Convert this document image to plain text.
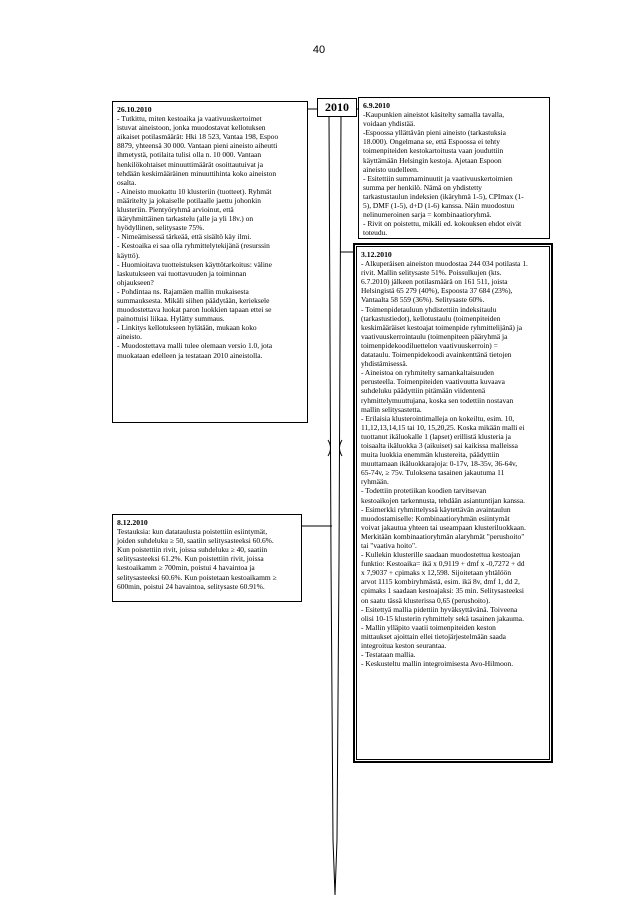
40
2010
26.10.2010
- Tutkittu, miten kestoaika ja vaativuuskertoimet
istuvat aineistoon, jonka muodostavat kellotuksen
aikaiset potilasmäärät: Hki 18 523, Vantaa 198, Espoo
8879, yhteensä 30 000. Vantaan pieni aineisto aiheutti
ihmetystä, potilaita tulisi olla n. 10 000. Vantaan
henkilökohtaiset minuuttimäärät osoittautuivat ja
tehdään keskimääräinen minuuttihinta koko aineiston
osalta.
- Aineisto muokattu 10 klusteriin (tuotteet). Ryhmät
määritelty ja jokaiselle potilaalle jaettu johonkin
klusteriin. Pientyöryhmä arvioinut, että
ikäryhmittäinen tarkastelu (alle ja yli 18v.) on
hyödyllinen, selitysaste 75%.
- Nimeämisessä tärkeää, että sisältö käy ilmi.
- Kestoaika ei saa olla ryhmittelytekijänä (resurssin
käyttö).
- Huomioitava tuotteistuksen käyttötarkoitus: väline
laskutukseen vai tuottavuuden ja toiminnan
ohjaukseen?
- Pohdintaa ns. Rajamäen mallin mukaisesta
summauksesta. Mikäli siihen päädytään, kerieksele
muodostettava luokat paron luokkien tapaan ettei se
painottuisi liikaa. Hylätty summaus.
- Linkitys kellotukseen hylätään, mukaan koko
aineisto.
- Muodostettava malli tulee olemaan versio 1.0, jota
muokataan edelleen ja testataan 2010 aineistolla.
8.12.2010
Testauksia: kun datataulusta poistettiin esiintymät,
joiden suhdeluku ≥ 50, saatiin selitysasteeksi 60.6%.
Kun poistettiin rivit, joissa suhdeluku ≥ 40, saatiin
selitysasteeksi 61.2%. Kun poistettiin rivit, joissa
kestoaikamm ≥ 700min, poistui 4 havaintoa ja
selitysasteeksi 60.6%. Kun poistetaan kestoaikamm ≥
600min, poistui 24 havaintoa, selitysaste 60.91%.
6.9.2010
-Kaupunkien aineistot käsitelty samalla tavalla,
voidaan yhdistää.
-Espoossa yllättävän pieni aineisto (tarkastuksia
18.000). Ongelmana se, että Espoossa ei tehty
toimenpiteiden kestokartoitusta vaan jouduttiin
käyttämään Helsingin kestoja. Ajetaan Espoon
aineisto uudelleen.
- Esitettiin summaminuutit ja vaativuuskertoimien
summa per henkilö. Nämä on yhdistetty
tarkastustaulun indeksien (ikäryhmä 1-5), CPImax (1-
5), DMF (1-5), d+D (1-6) kanssa. Näin muodostuu
nelinumeroinen sarja = kombinaatioryhmä.
- Rivit on poistettu, mikäli ed. kokouksen ehdot eivät
toteudu.
3.12.2010
- Alkuperäisen aineiston muodostaa 244 034 potilasta 1.
rivit. Mallin selitysaste 51%. Poissulkujen (kts.
6.7.2010) jälkeen potilasmäärä on 161 511, joista
Helsingistä 65 279 (40%), Espoosta 37 684 (23%),
Vantaalta 58 559 (36%). Selitysaste 60%.
- Toimenpidetauluun yhdistettiin indeksitaulu
(tarkastustiedot), kellotustaulu (toimenpiteiden
keskimääräiset kestoajat toimenpide ryhmittelijänä) ja
vaativuuskerrointaulu (toimenpiteen pääryhmä ja
toimenpidekoodiluettelon vaativuuskerroin) =
datataulu. Toimenpidekoodi avainkenttänä tietojen
yhdistämisessä.
- Aineistoa on ryhmitelty samankaltaisuuden
perusteella. Toimenpiteiden vaativuutta kuvaava
suhdeluku päädyttiin pitämään viidentenä
ryhmittelymuuttujana, koska sen todettiin nostavan
mallin selitysastetta.
- Erilaisia klusterointimalleja on kokeiltu, esim. 10,
11,12,13,14,15 tai 10, 15,20,25. Koska mikään malli ei
tuottanut ikäluokalle 1 (lapset) erillistä klusteria ja
toisaalta ikäluokka 3 (aikuiset) sai kaikissa malleissa
muita luokkia enemmän klustereita, päädyttiin
muuttamaan ikäluokkarajoja: 0-17v, 18-35v, 36-64v,
65-74v, ≥ 75v. Tuloksena tasainen jakautuma 11
ryhmään.
- Todettiin protetiikan koodien tarvitsevan
kestoaikojen tarkennusta, tehdään asiantuntijan kanssa.
- Esimerkki ryhmittelyssä käytettävän avaintaulun
muodostamiselle: Kombinaatioryhmän esiintymät
voivat jakautua yhteen tai useampaan klusteriluokkaan.
Merkitään kombinaatioryhmän alaryhmät "perushoito"
tai "vaativa hoito".
- Kullekin klusterille saadaan muodostettua kestoajan
funktio: Kestoaika= ikä x 0,9119 + dmf x -0,7272 + dd
x 7,9037 + cpimaks x 12,598. Sijoitetaan yhtälöön
arvot 1115 kombiryhmästä, esim. ikä 8v, dmf 1, dd 2,
cpimaks 1 saadaan kestoajaksi: 35 min. Selitysasteeksi
on saatu tässä klusterissa 0,65 (perushoito).
- Esitettyä mallia pidettiin hyväksyttävänä. Toiveena
olisi 10-15 klusterin ryhmittely sekä tasainen jakauma.
- Mallin ylläpito vaatii toimenpiteiden keston
mittaukset ajoittain ellei tietojärjestelmään saada
integroitua keston seurantaa.
- Testataan mallia.
- Keskusteltu mallin integroimisesta Avo-Hilmoon.
